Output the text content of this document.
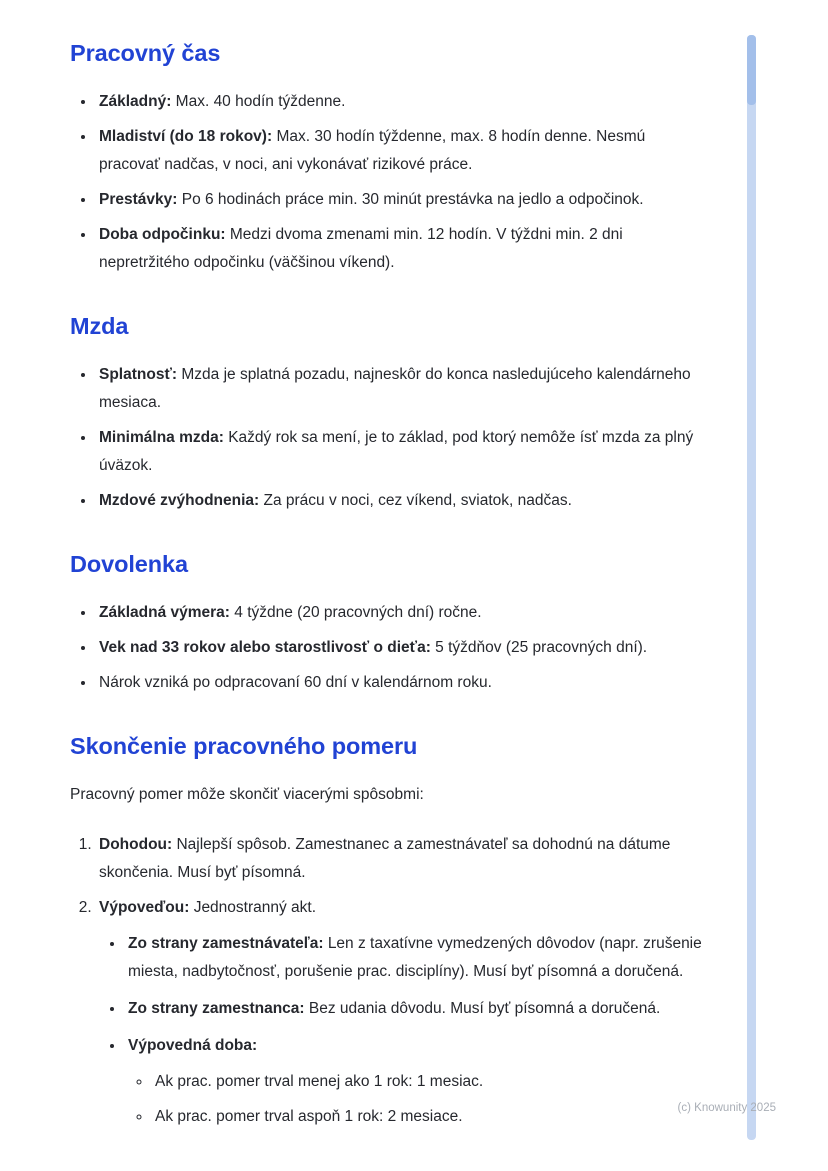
Pracovný čas
• Základný: Max. 40 hodín týždenne.
• Mladiství (do 18 rokov): Max. 30 hodín týždenne, max. 8 hodín denne. Nesmú pracovať nadčas, v noci, ani vykonávať rizikové práce.
• Prestávky: Po 6 hodinách práce min. 30 minút prestávka na jedlo a odpočinok.
• Doba odpočinku: Medzi dvoma zmenami min. 12 hodín. V týždni min. 2 dni nepretržitého odpočinku (väčšinou víkend).
Mzda
• Splatnosť: Mzda je splatná pozadu, najneskôr do konca nasledujúceho kalendárneho mesiaca.
• Minimálna mzda: Každý rok sa mení, je to základ, pod ktorý nemôže ísť mzda za plný úväzok.
• Mzdové zvýhodnenia: Za prácu v noci, cez víkend, sviatok, nadčas.
Dovolenka
• Základná výmera: 4 týždne (20 pracovných dní) ročne.
• Vek nad 33 rokov alebo starostlivosť o dieťa: 5 týždňov (25 pracovných dní).
• Nárok vzniká po odpracovaní 60 dní v kalendárnom roku.
Skončenie pracovného pomeru

Pracovný pomer môže skončiť viacerými spôsobmi:

1. Dohodou: Najlepší spôsob. Zamestnanec a zamestnávateľ sa dohodnú na dátume skončenia. Musí byť písomná.
2. Výpoveďou: Jednostranný akt.
• Zo strany zamestnávateľa: Len z taxatívne vymedzených dôvodov (napr. zrušenie miesta, nadbytočnosť, porušenie prac. disciplíny). Musí byť písomná a doručená.
• Zo strany zamestnanca: Bez udania dôvodu. Musí byť písomná a doručená.
• Výpovedná doba:
◦ Ak prac. pomer trval menej ako 1 rok: 1 mesiac.
◦ Ak prac. pomer trval aspoň 1 rok: 2 mesiace.	(c) Knowunity 2025
